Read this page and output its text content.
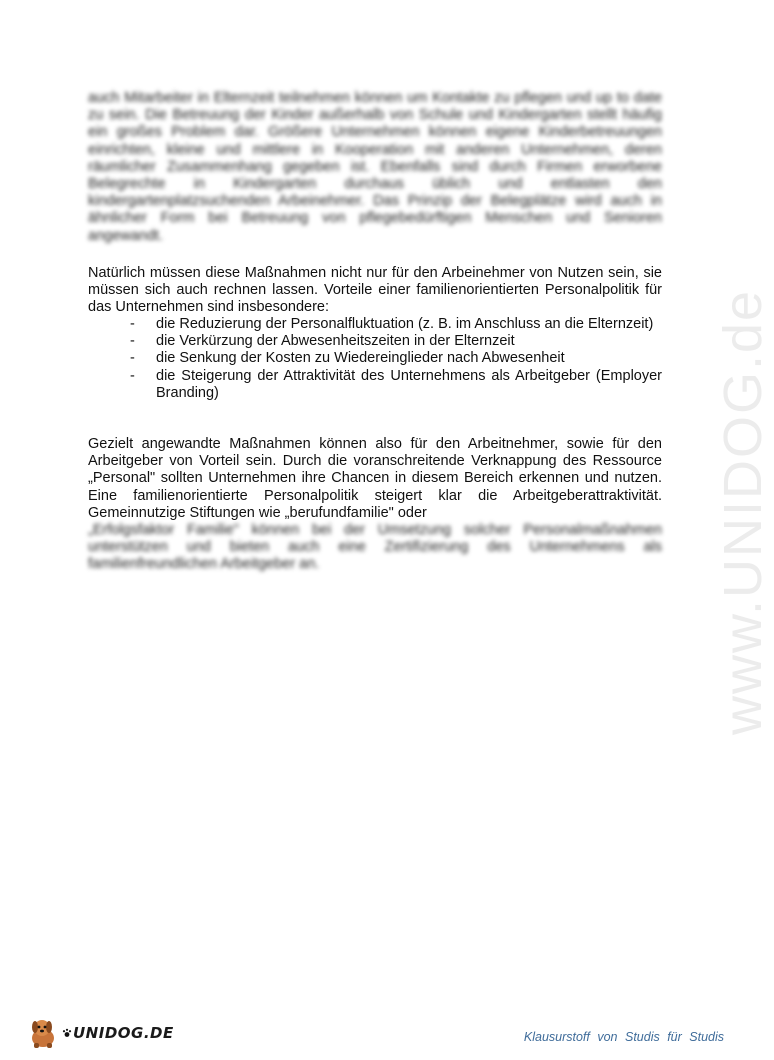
auch Mitarbeiter in Elternzeit teilnehmen können um Kontakte zu pflegen und up to date zu sein. Die Betreuung der Kinder außerhalb von Schule und Kindergarten stellt häufig ein großes Problem dar. Größere Unternehmen können eigene Kinderbetreuungen einrichten, kleine und mittlere in Kooperation mit anderen Unternehmen, deren räumlicher Zusammenhang gegeben ist. Ebenfalls sind durch Firmen erworbene Belegrechte in Kindergarten durchaus üblich und entlasten den kindergartenplatzsuchenden Arbeinehmer. Das Prinzip der Belegplätze wird auch in ähnlicher Form bei Betreuung von pflegebedürftigen Menschen und Senioren angewandt.

Natürlich müssen diese Maßnahmen nicht nur für den Arbeinehmer von Nutzen sein, sie müssen sich auch rechnen lassen. Vorteile einer familienorientierten Personalpolitik für das Unternehmen sind insbesondere:

- die Reduzierung der Personalfluktuation (z. B. im Anschluss an die Elternzeit)
- die Verkürzung der Abwesenheitszeiten in der Elternzeit
- die Senkung der Kosten zu Wiedereinglieder nach Abwesenheit
- die Steigerung der Attraktivität des Unternehmens als Arbeitgeber (Employer Branding)

Gezielt angewandte Maßnahmen können also für den Arbeitnehmer, sowie für den Arbeitgeber von Vorteil sein. Durch die voranschreitende Verknappung des Ressource „Personal" sollten Unternehmen ihre Chancen in diesem Bereich erkennen und nutzen. Eine familienorientierte Personalpolitik steigert klar die Arbeitgeberattraktivität. Gemeinnutzige Stiftungen wie „berufundfamilie" oder

„Erfolgsfaktor Familie" können bei der Umsetzung solcher Personalmaßnahmen unterstützen und bieten auch eine Zertifizierung des Unternehmens als familienfreundlichen Arbeitgeber an.	www.UNIDOG.de
UNIDOG.DE	Klausurstoff von Studis für Studis
